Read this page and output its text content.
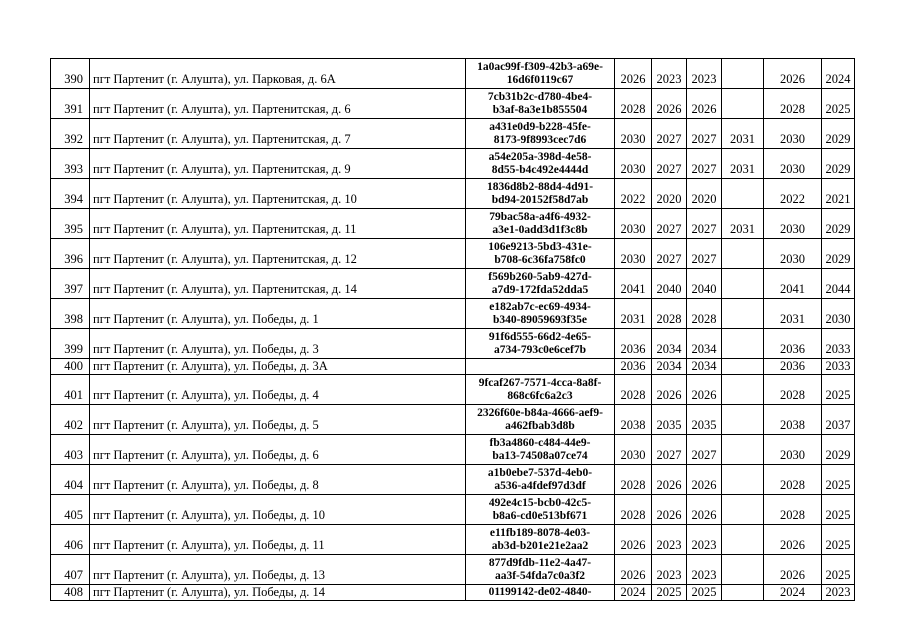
390	пгт Партенит (г. Алушта), ул. Парковая, д. 6А	1a0ac99f-f309-42b3-a69e-
16d6f0119c67	2026	2023	2023		2026	2024
391	пгт Партенит (г. Алушта), ул. Партенитская, д. 6	7cb31b2c-d780-4be4-
b3af-8a3e1b855504	2028	2026	2026		2028	2025
392	пгт Партенит (г. Алушта), ул. Партенитская, д. 7	a431e0d9-b228-45fe-
8173-9f8993cec7d6	2030	2027	2027	2031	2030	2029
393	пгт Партенит (г. Алушта), ул. Партенитская, д. 9	a54e205a-398d-4e58-
8d55-b4c492e4444d	2030	2027	2027	2031	2030	2029
394	пгт Партенит (г. Алушта), ул. Партенитская, д. 10	1836d8b2-88d4-4d91-
bd94-20152f58d7ab	2022	2020	2020		2022	2021
395	пгт Партенит (г. Алушта), ул. Партенитская, д. 11	79bac58a-a4f6-4932-
a3e1-0add3d1f3c8b	2030	2027	2027	2031	2030	2029
396	пгт Партенит (г. Алушта), ул. Партенитская, д. 12	106e9213-5bd3-431e-
b708-6c36fa758fc0	2030	2027	2027		2030	2029
397	пгт Партенит (г. Алушта), ул. Партенитская, д. 14	f569b260-5ab9-427d-
a7d9-172fda52dda5	2041	2040	2040		2041	2044
398	пгт Партенит (г. Алушта), ул. Победы, д. 1	e182ab7c-ec69-4934-
b340-89059693f35e	2031	2028	2028		2031	2030
399	пгт Партенит (г. Алушта), ул. Победы, д. 3	91f6d555-66d2-4e65-
a734-793c0e6cef7b	2036	2034	2034		2036	2033
400	пгт Партенит (г. Алушта), ул. Победы, д. 3А		2036	2034	2034		2036	2033
401	пгт Партенит (г. Алушта), ул. Победы, д. 4	9fcaf267-7571-4cca-8a8f-
868c6fc6a2c3	2028	2026	2026		2028	2025
402	пгт Партенит (г. Алушта), ул. Победы, д. 5	2326f60e-b84a-4666-aef9-
a462fbab3d8b	2038	2035	2035		2038	2037
403	пгт Партенит (г. Алушта), ул. Победы, д. 6	fb3a4860-c484-44e9-
ba13-74508a07ce74	2030	2027	2027		2030	2029
404	пгт Партенит (г. Алушта), ул. Победы, д. 8	a1b0ebe7-537d-4eb0-
a536-a4fdef97d3df	2028	2026	2026		2028	2025
405	пгт Партенит (г. Алушта), ул. Победы, д. 10	492e4c15-bcb0-42c5-
b8a6-cd0e513bf671	2028	2026	2026		2028	2025
406	пгт Партенит (г. Алушта), ул. Победы, д. 11	e11fb189-8078-4e03-
ab3d-b201e21e2aa2	2026	2023	2023		2026	2025
407	пгт Партенит (г. Алушта), ул. Победы, д. 13	877d9fdb-11e2-4a47-
aa3f-54fda7c0a3f2	2026	2023	2023		2026	2025
408	пгт Партенит (г. Алушта), ул. Победы, д. 14	01199142-de02-4840-	2024	2025	2025		2024	2023
